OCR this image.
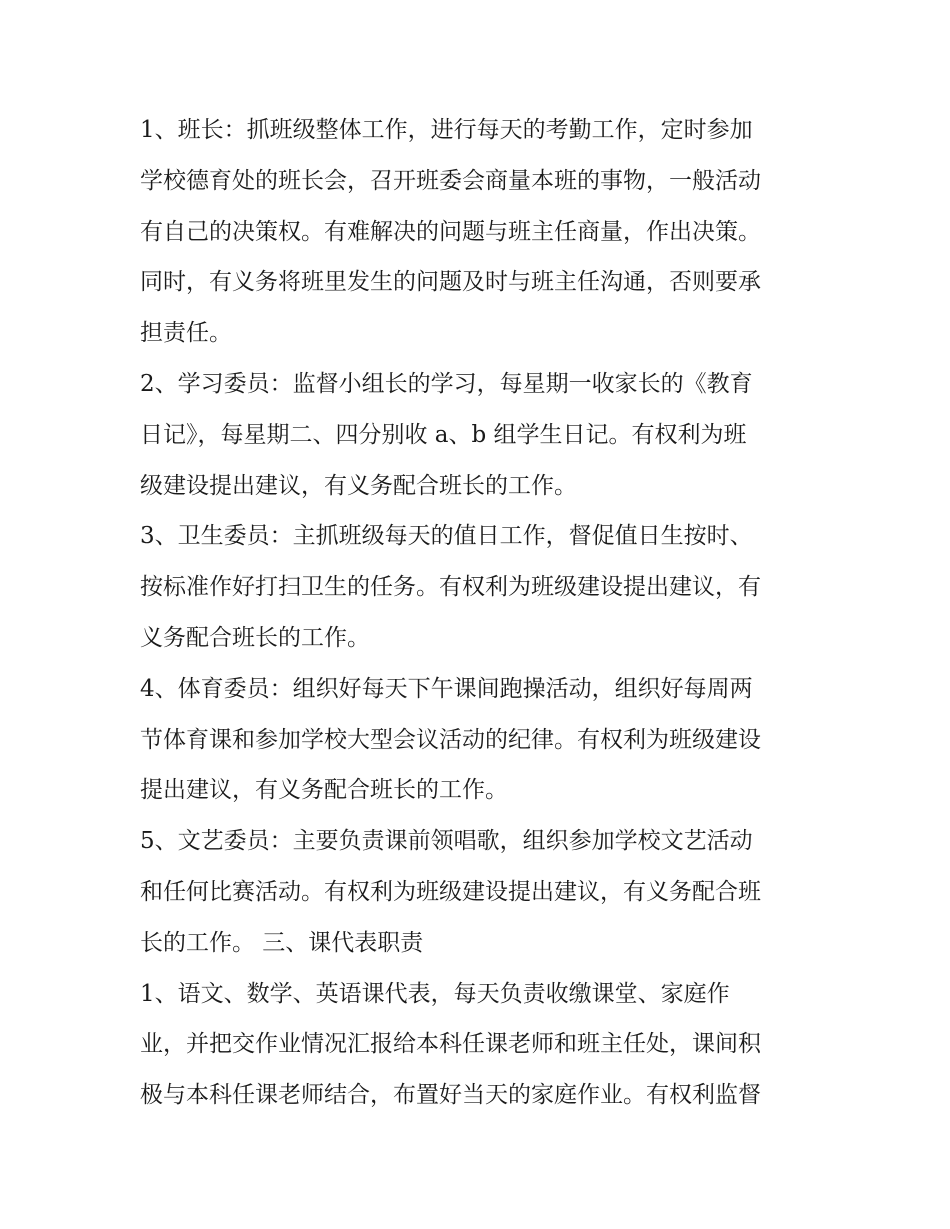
1、班长：抓班级整体工作，进行每天的考勤工作，定时参加
学校德育处的班长会，召开班委会商量本班的事物，一般活动
有自己的决策权。有难解决的问题与班主任商量，作出决策。
同时，有义务将班里发生的问题及时与班主任沟通，否则要承
担责任。
2、学习委员：监督小组长的学习，每星期一收家长的《教育
日记》，每星期二、四分别收 a、b 组学生日记。有权利为班
级建设提出建议，有义务配合班长的工作。
3、卫生委员：主抓班级每天的值日工作，督促值日生按时、
按标准作好打扫卫生的任务。有权利为班级建设提出建议，有
义务配合班长的工作。
4、体育委员：组织好每天下午课间跑操活动，组织好每周两
节体育课和参加学校大型会议活动的纪律。有权利为班级建设
提出建议，有义务配合班长的工作。
5、文艺委员：主要负责课前领唱歌，组织参加学校文艺活动
和任何比赛活动。有权利为班级建设提出建议，有义务配合班
长的工作。 三、课代表职责
1、语文、数学、英语课代表，每天负责收缴课堂、家庭作
业，并把交作业情况汇报给本科任课老师和班主任处，课间积
极与本科任课老师结合，布置好当天的家庭作业。有权利监督
